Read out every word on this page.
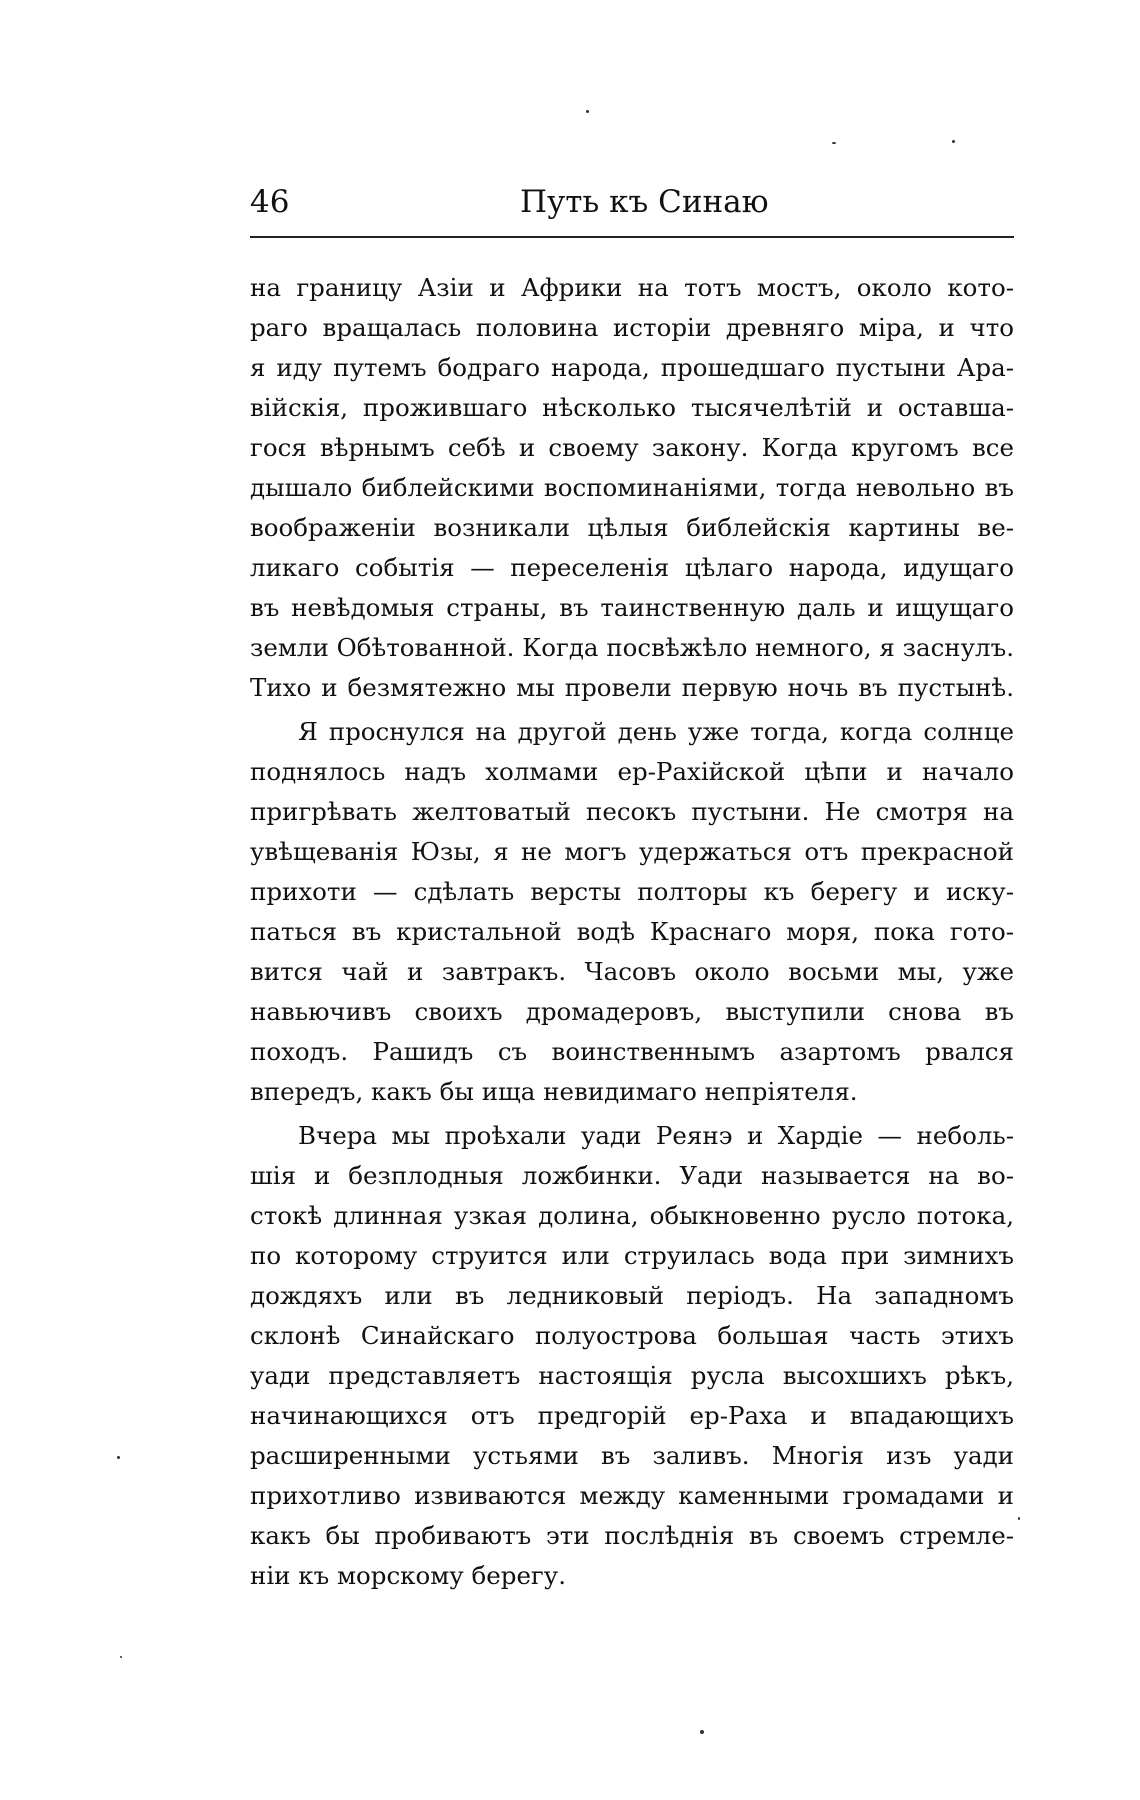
46	Путь къ Синаю
на границу Азіи и Африки на тотъ мостъ, около кото-
раго вращалась половина исторіи древняго міра, и что
я иду путемъ бодраго народа, прошедшаго пустыни Ара-
війскія, прожившаго нѣсколько тысячелѣтій и оставша-
гося вѣрнымъ себѣ и своему закону. Когда кругомъ все
дышало библейскими воспоминаніями, тогда невольно въ
воображеніи возникали цѣлыя библейскія картины ве-
ликаго событія — переселенія цѣлаго народа, идущаго
въ невѣдомыя страны, въ таинственную даль и ищущаго
земли Обѣтованной. Когда посвѣжѣло немного, я заснулъ.
Тихо и безмятежно мы провели первую ночь въ пустынѣ.
Я проснулся на другой день уже тогда, когда солнце
поднялось надъ холмами ер-Рахійской цѣпи и начало
пригрѣвать желтоватый песокъ пустыни. Не смотря на
увѣщеванія Юзы, я не могъ удержаться отъ прекрасной
прихоти — сдѣлать версты полторы къ берегу и иску-
паться въ кристальной водѣ Краснаго моря, пока гото-
вится чай и завтракъ. Часовъ около восьми мы, уже
навьючивъ своихъ дромадеровъ, выступили снова въ
походъ. Рашидъ съ воинственнымъ азартомъ рвался
впередъ, какъ бы ища невидимаго непріятеля.
Вчера мы проѣхали уади Реянэ и Хардіе — неболь-
шія и безплодныя ложбинки. Уади называется на во-
стокѣ длинная узкая долина, обыкновенно русло потока,
по которому струится или струилась вода при зимнихъ
дождяхъ или въ ледниковый періодъ. На западномъ
склонѣ Синайскаго полуострова большая часть этихъ
уади представляетъ настоящія русла высохшихъ рѣкъ,
начинающихся отъ предгорій ер-Раха и впадающихъ
расширенными устьями въ заливъ. Многія изъ уади
прихотливо извиваются между каменными громадами и
какъ бы пробиваютъ эти послѣднія въ своемъ стремле-
ніи къ морскому берегу.
